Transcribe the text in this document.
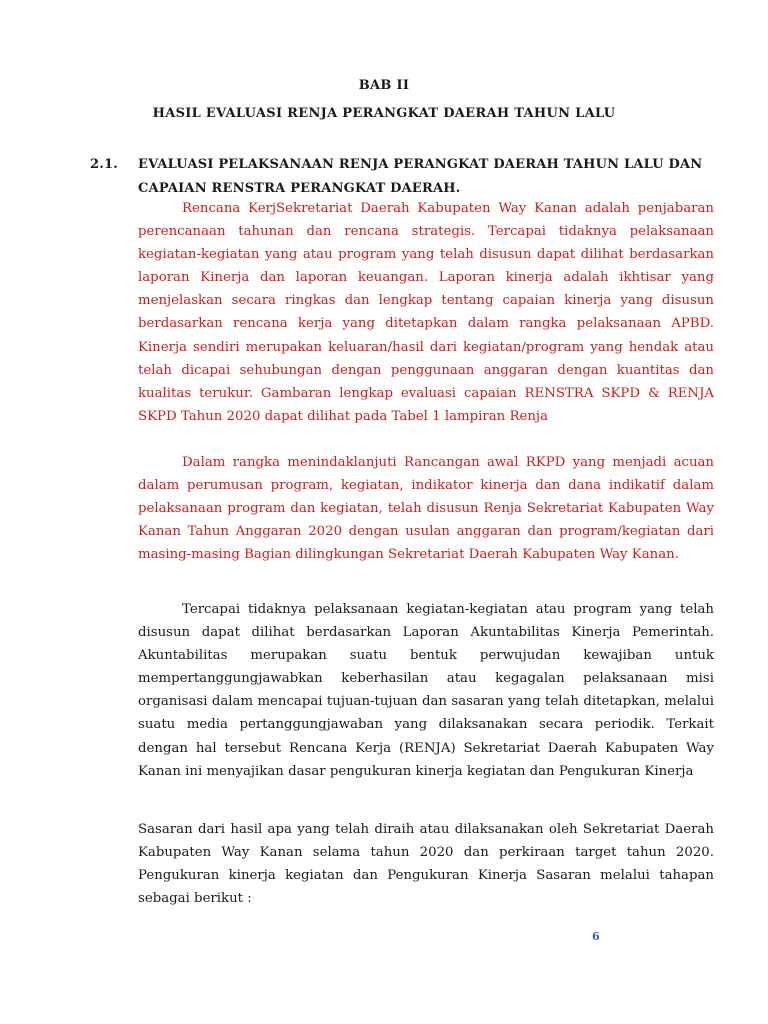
BAB II
HASIL EVALUASI RENJA PERANGKAT DAERAH TAHUN LALU
2.1. EVALUASI PELAKSANAAN RENJA PERANGKAT DAERAH TAHUN LALU DAN CAPAIAN RENSTRA PERANGKAT DAERAH.

Rencana KerjSekretariat Daerah Kabupaten Way Kanan adalah penjabaran perencanaan tahunan dan rencana strategis. Tercapai tidaknya pelaksanaan kegiatan-kegiatan yang atau program yang telah disusun dapat dilihat berdasarkan laporan Kinerja dan laporan keuangan. Laporan kinerja adalah ikhtisar yang menjelaskan secara ringkas dan lengkap tentang capaian kinerja yang disusun berdasarkan rencana kerja yang ditetapkan dalam rangka pelaksanaan APBD. Kinerja sendiri merupakan keluaran/hasil dari kegiatan/program yang hendak atau telah dicapai sehubungan dengan penggunaan anggaran dengan kuantitas dan kualitas terukur. Gambaran lengkap evaluasi capaian RENSTRA SKPD & RENJA SKPD Tahun 2020 dapat dilihat pada Tabel 1 lampiran Renja

Dalam rangka menindaklanjuti Rancangan awal RKPD yang menjadi acuan dalam perumusan program, kegiatan, indikator kinerja dan dana indikatif dalam pelaksanaan program dan kegiatan, telah disusun Renja Sekretariat Kabupaten Way Kanan Tahun Anggaran 2020 dengan usulan anggaran dan program/kegiatan dari masing-masing Bagian dilingkungan Sekretariat Daerah Kabupaten Way Kanan.

Tercapai tidaknya pelaksanaan kegiatan-kegiatan atau program yang telah disusun dapat dilihat berdasarkan Laporan Akuntabilitas Kinerja Pemerintah. Akuntabilitas merupakan suatu bentuk perwujudan kewajiban untuk mempertanggungjawabkan keberhasilan atau kegagalan pelaksanaan misi organisasi dalam mencapai tujuan-tujuan dan sasaran yang telah ditetapkan, melalui suatu media pertanggungjawaban yang dilaksanakan secara periodik. Terkait dengan hal tersebut Rencana Kerja (RENJA) Sekretariat Daerah Kabupaten Way Kanan ini menyajikan dasar pengukuran kinerja kegiatan dan Pengukuran Kinerja

Sasaran dari hasil apa yang telah diraih atau dilaksanakan oleh Sekretariat Daerah Kabupaten Way Kanan selama tahun 2020 dan perkiraan target tahun 2020. Pengukuran kinerja kegiatan dan Pengukuran Kinerja Sasaran melalui tahapan sebagai berikut :

6
